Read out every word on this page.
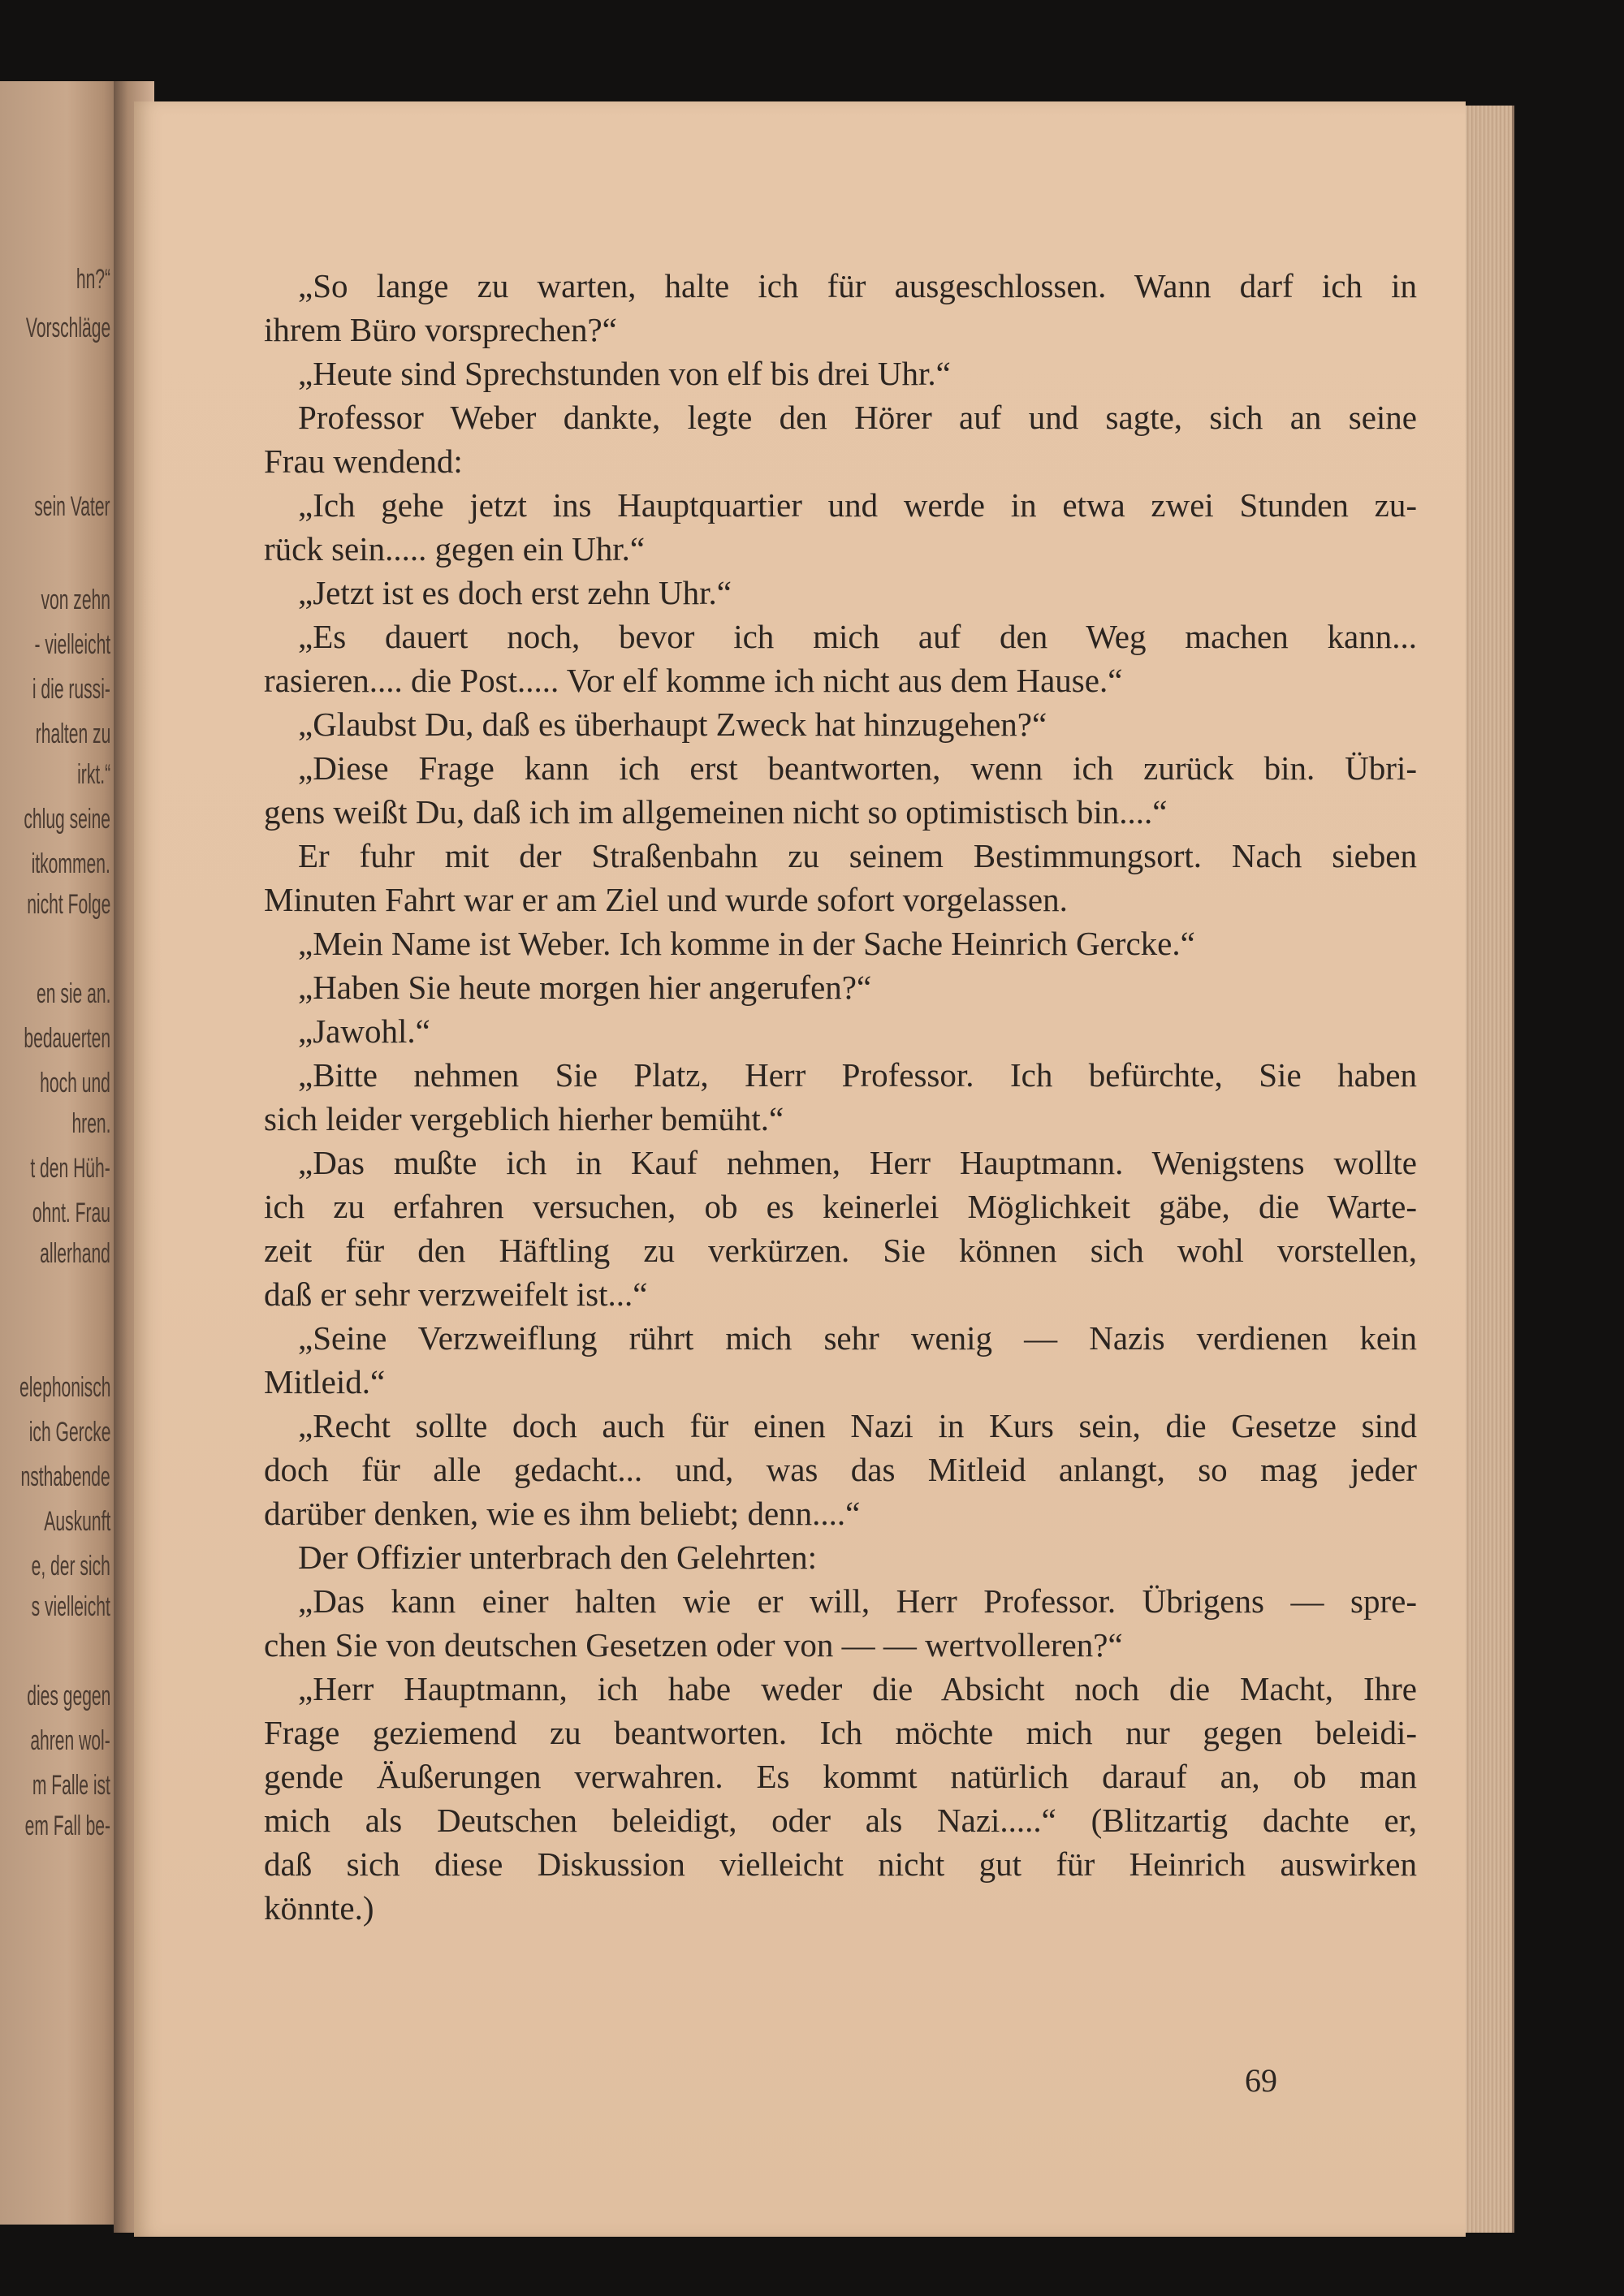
hn?“
Vorschläge
sein Vater
von zehn
- vielleicht
i die russi-
rhalten zu
irkt.“
chlug seine
itkommen.
nicht Folge
en sie an.
bedauerten
hoch und
hren.
t den Hüh-
ohnt. Frau
allerhand
elephonisch
ich Gercke
nsthabende
Auskunft
e, der sich
s vielleicht
dies gegen
ahren wol-
m Falle ist
em Fall be-
„So lange zu warten, halte ich für ausgeschlossen. Wann darf ich in
ihrem Büro vorsprechen?“
„Heute sind Sprechstunden von elf bis drei Uhr.“
Professor Weber dankte, legte den Hörer auf und sagte, sich an seine
Frau wendend:
„Ich gehe jetzt ins Hauptquartier und werde in etwa zwei Stunden zu-
rück sein..... gegen ein Uhr.“
„Jetzt ist es doch erst zehn Uhr.“
„Es dauert noch, bevor ich mich auf den Weg machen kann...
rasieren.... die Post..... Vor elf komme ich nicht aus dem Hause.“
„Glaubst Du, daß es überhaupt Zweck hat hinzugehen?“
„Diese Frage kann ich erst beantworten, wenn ich zurück bin. Übri-
gens weißt Du, daß ich im allgemeinen nicht so optimistisch bin....“
Er fuhr mit der Straßenbahn zu seinem Bestimmungsort. Nach sieben
Minuten Fahrt war er am Ziel und wurde sofort vorgelassen.
„Mein Name ist Weber. Ich komme in der Sache Heinrich Gercke.“
„Haben Sie heute morgen hier angerufen?“
„Jawohl.“
„Bitte nehmen Sie Platz, Herr Professor. Ich befürchte, Sie haben
sich leider vergeblich hierher bemüht.“
„Das mußte ich in Kauf nehmen, Herr Hauptmann. Wenigstens wollte
ich zu erfahren versuchen, ob es keinerlei Möglichkeit gäbe, die Warte-
zeit für den Häftling zu verkürzen. Sie können sich wohl vorstellen,
daß er sehr verzweifelt ist...“
„Seine Verzweiflung rührt mich sehr wenig — Nazis verdienen kein
Mitleid.“
„Recht sollte doch auch für einen Nazi in Kurs sein, die Gesetze sind
doch für alle gedacht... und, was das Mitleid anlangt, so mag jeder
darüber denken, wie es ihm beliebt; denn....“
Der Offizier unterbrach den Gelehrten:
„Das kann einer halten wie er will, Herr Professor. Übrigens — spre-
chen Sie von deutschen Gesetzen oder von — — wertvolleren?“
„Herr Hauptmann, ich habe weder die Absicht noch die Macht, Ihre
Frage geziemend zu beantworten. Ich möchte mich nur gegen beleidi-
gende Äußerungen verwahren. Es kommt natürlich darauf an, ob man
mich als Deutschen beleidigt, oder als Nazi.....“ (Blitzartig dachte er,
daß sich diese Diskussion vielleicht nicht gut für Heinrich auswirken
könnte.)
69
